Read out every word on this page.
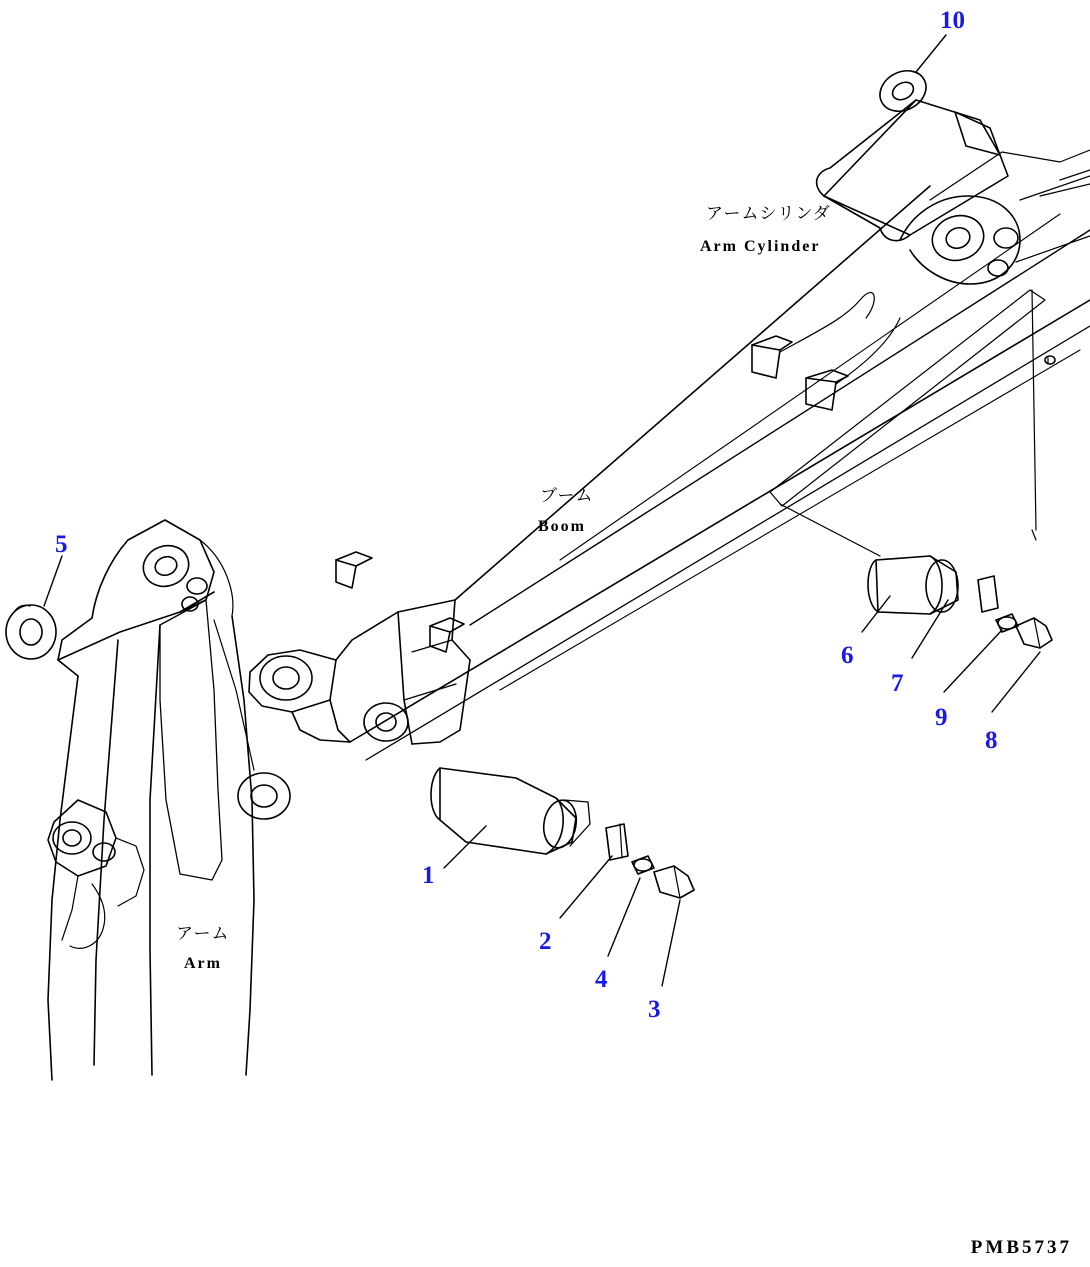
アームシリンダ
Arm Cylinder
ブーム
Boom
アーム
Arm
1
2
3
4
5
6
7
8
9
10
PMB5737
